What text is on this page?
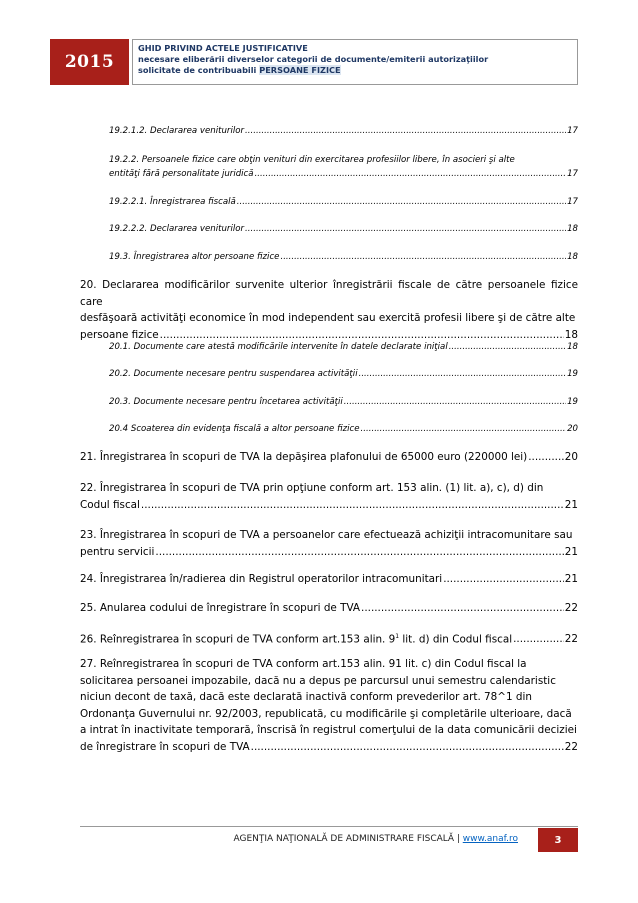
2015
GHID PRIVIND ACTELE JUSTIFICATIVE
necesare eliberării diverselor categorii de documente/emiterii autorizaţiilor
solicitate de contribuabili PERSOANE FIZICE
19.2.1.2. Declararea veniturilor .....	17
19.2.2. Persoanele fizice care obţin venituri din exercitarea profesiilor libere, în asocieri şi alte
entităţi fără personalitate juridică .....	17
19.2.2.1. Înregistrarea fiscală .....	17
19.2.2.2. Declararea veniturilor .....	18
19.3. Înregistrarea altor persoane fizice .....	18
20. Declararea modificărilor survenite ulterior înregistrării fiscale de către persoanele fizice care
desfăşoară activităţi economice în mod independent sau exercită profesii libere şi de către alte
persoane fizice .....	18
20.1. Documente care atestă modificările intervenite în datele declarate iniţial .....	18
20.2. Documente necesare pentru suspendarea activităţii .....	19
20.3. Documente necesare pentru încetarea activităţii .....	19
20.4 Scoaterea din evidenţa fiscală a altor persoane fizice .....	20
21. Înregistrarea în scopuri de TVA la depăşirea plafonului de 65000 euro (220000 lei) .....	20
22. Înregistrarea în scopuri de TVA prin opţiune conform art. 153 alin. (1) lit. a), c), d) din
Codul fiscal .....	21
23. Înregistrarea în scopuri de TVA a persoanelor care efectuează achiziţii intracomunitare sau
pentru servicii .....	21
24. Înregistrarea în/radierea din Registrul operatorilor intracomunitari .....	21
25. Anularea codului de înregistrare în scopuri de TVA .....	22
26. Reînregistrarea în scopuri de TVA conform art.153 alin. $9^1$ lit. d) din Codul fiscal .....	22
27. Reînregistrarea în scopuri de TVA conform art.153 alin. 91 lit. c) din Codul fiscal la
solicitarea persoanei impozabile, dacă nu a depus pe parcursul unui semestru calendaristic
niciun decont de taxă, dacă este declarată inactivă conform prevederilor art. 78^1 din
Ordonanţa Guvernului nr. 92/2003, republicată, cu modificările şi completările ulterioare, dacă
a intrat în inactivitate temporară, înscrisă în registrul comerţului de la data comunicării deciziei
de înregistrare în scopuri de TVA .....	22
AGENŢIA NAŢIONALĂ DE ADMINISTRARE FISCALĂ | www.anaf.ro	3
